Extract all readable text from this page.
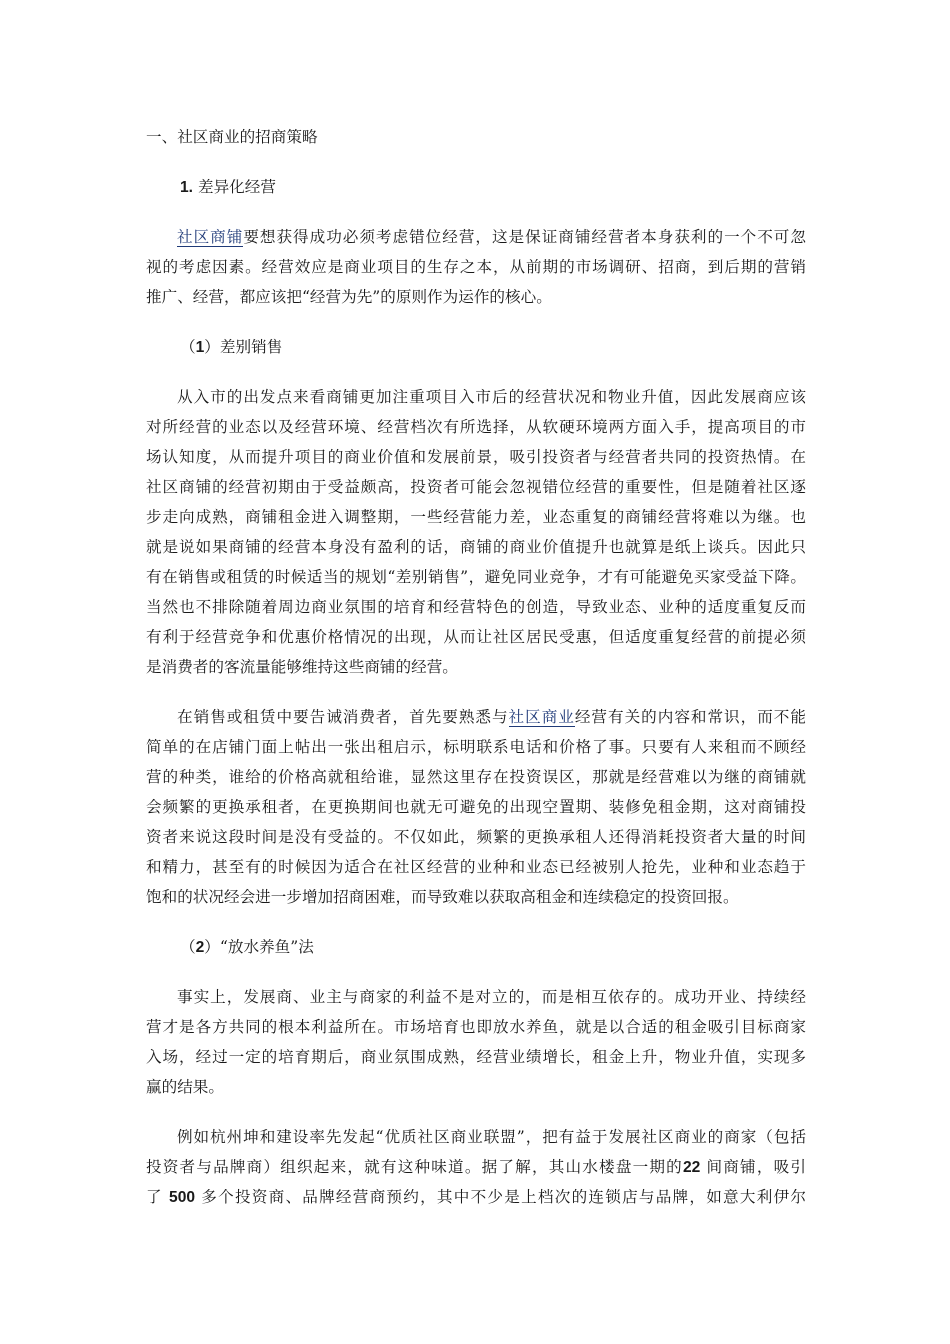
一、社区商业的招商策略
1. 差异化经营
社区商铺要想获得成功必须考虑错位经营，这是保证商铺经营者本身获利的一个不可忽
视的考虑因素。经营效应是商业项目的生存之本，从前期的市场调研、招商，到后期的营销
推广、经营，都应该把“经营为先”的原则作为运作的核心。
（1）差别销售
从入市的出发点来看商铺更加注重项目入市后的经营状况和物业升值，因此发展商应该
对所经营的业态以及经营环境、经营档次有所选择，从软硬环境两方面入手，提高项目的市
场认知度，从而提升项目的商业价值和发展前景，吸引投资者与经营者共同的投资热情。在
社区商铺的经营初期由于受益颇高，投资者可能会忽视错位经营的重要性，但是随着社区逐
步走向成熟，商铺租金进入调整期，一些经营能力差，业态重复的商铺经营将难以为继。也
就是说如果商铺的经营本身没有盈利的话，商铺的商业价值提升也就算是纸上谈兵。因此只
有在销售或租赁的时候适当的规划“差别销售”，避免同业竞争，才有可能避免买家受益下降。
当然也不排除随着周边商业氛围的培育和经营特色的创造，导致业态、业种的适度重复反而
有利于经营竞争和优惠价格情况的出现，从而让社区居民受惠，但适度重复经营的前提必须
是消费者的客流量能够维持这些商铺的经营。
在销售或租赁中要告诫消费者，首先要熟悉与社区商业经营有关的内容和常识，而不能
简单的在店铺门面上帖出一张出租启示，标明联系电话和价格了事。只要有人来租而不顾经
营的种类，谁给的价格高就租给谁，显然这里存在投资误区，那就是经营难以为继的商铺就
会频繁的更换承租者，在更换期间也就无可避免的出现空置期、装修免租金期，这对商铺投
资者来说这段时间是没有受益的。不仅如此，频繁的更换承租人还得消耗投资者大量的时间
和精力，甚至有的时候因为适合在社区经营的业种和业态已经被别人抢先，业种和业态趋于
饱和的状况经会进一步增加招商困难，而导致难以获取高租金和连续稳定的投资回报。
（2）“放水养鱼”法
事实上，发展商、业主与商家的利益不是对立的，而是相互依存的。成功开业、持续经
营才是各方共同的根本利益所在。市场培育也即放水养鱼，就是以合适的租金吸引目标商家
入场，经过一定的培育期后，商业氛围成熟，经营业绩增长，租金上升，物业升值，实现多
赢的结果。
例如杭州坤和建设率先发起“优质社区商业联盟”，把有益于发展社区商业的商家（包括
投资者与品牌商）组织起来，就有这种味道。据了解，其山水楼盘一期的22 间商铺，吸引
了 500 多个投资商、品牌经营商预约，其中不少是上档次的连锁店与品牌，如意大利伊尔
